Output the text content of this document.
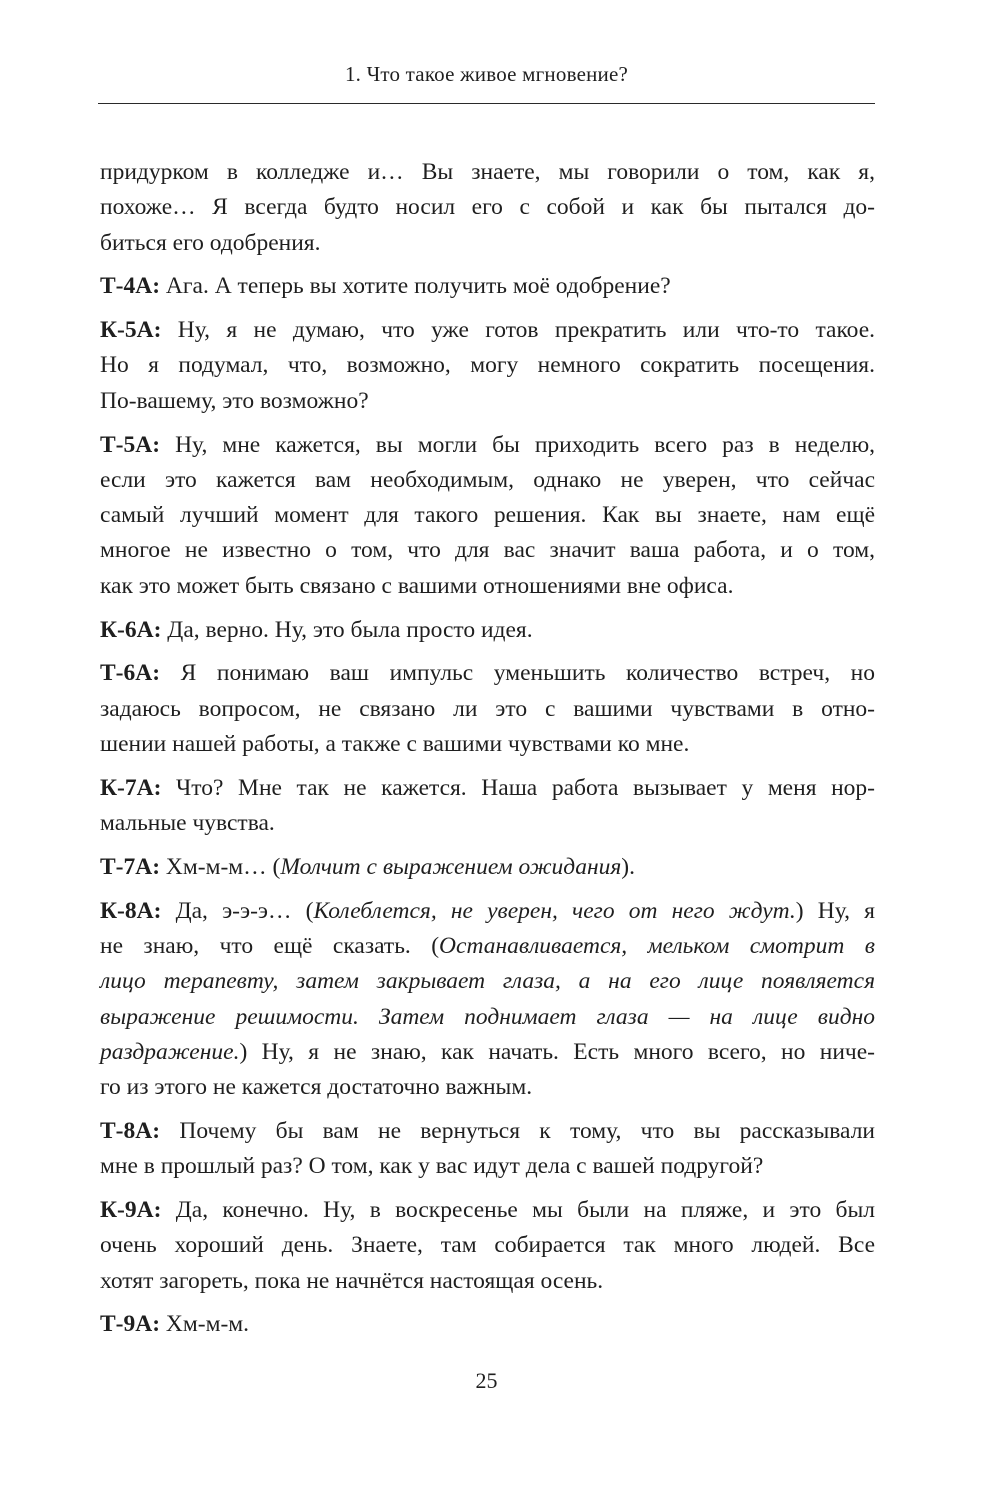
1. Что такое живое мгновение?
придурком в колледже и… Вы знаете, мы говорили о том, как я,
похоже… Я всегда будто носил его с собой и как бы пытался до-
биться его одобрения.
Т-4А: Ага. А теперь вы хотите получить моё одобрение?
К-5А: Ну, я не думаю, что уже готов прекратить или что-то такое.
Но я подумал, что, возможно, могу немного сократить посещения.
По-вашему, это возможно?
Т-5А: Ну, мне кажется, вы могли бы приходить всего раз в неделю,
если это кажется вам необходимым, однако не уверен, что сейчас
самый лучший момент для такого решения. Как вы знаете, нам ещё
многое не известно о том, что для вас значит ваша работа, и о том,
как это может быть связано с вашими отношениями вне офиса.
К-6А: Да, верно. Ну, это была просто идея.
Т-6А: Я понимаю ваш импульс уменьшить количество встреч, но
задаюсь вопросом, не связано ли это с вашими чувствами в отно-
шении нашей работы, а также с вашими чувствами ко мне.
К-7А: Что? Мне так не кажется. Наша работа вызывает у меня нор-
мальные чувства.
Т-7А: Хм-м-м… (Молчит с выражением ожидания).
К-8А: Да, э-э-э… (Колеблется, не уверен, чего от него ждут.) Ну, я
не знаю, что ещё сказать. (Останавливается, мельком смотрит в
лицо терапевту, затем закрывает глаза, а на его лице появляется
выражение решимости. Затем поднимает глаза — на лице видно
раздражение.) Ну, я не знаю, как начать. Есть много всего, но ниче-
го из этого не кажется достаточно важным.
Т-8А: Почему бы вам не вернуться к тому, что вы рассказывали
мне в прошлый раз? О том, как у вас идут дела с вашей подругой?
К-9А: Да, конечно. Ну, в воскресенье мы были на пляже, и это был
очень хороший день. Знаете, там собирается так много людей. Все
хотят загореть, пока не начнётся настоящая осень.
Т-9А: Хм-м-м.
25
